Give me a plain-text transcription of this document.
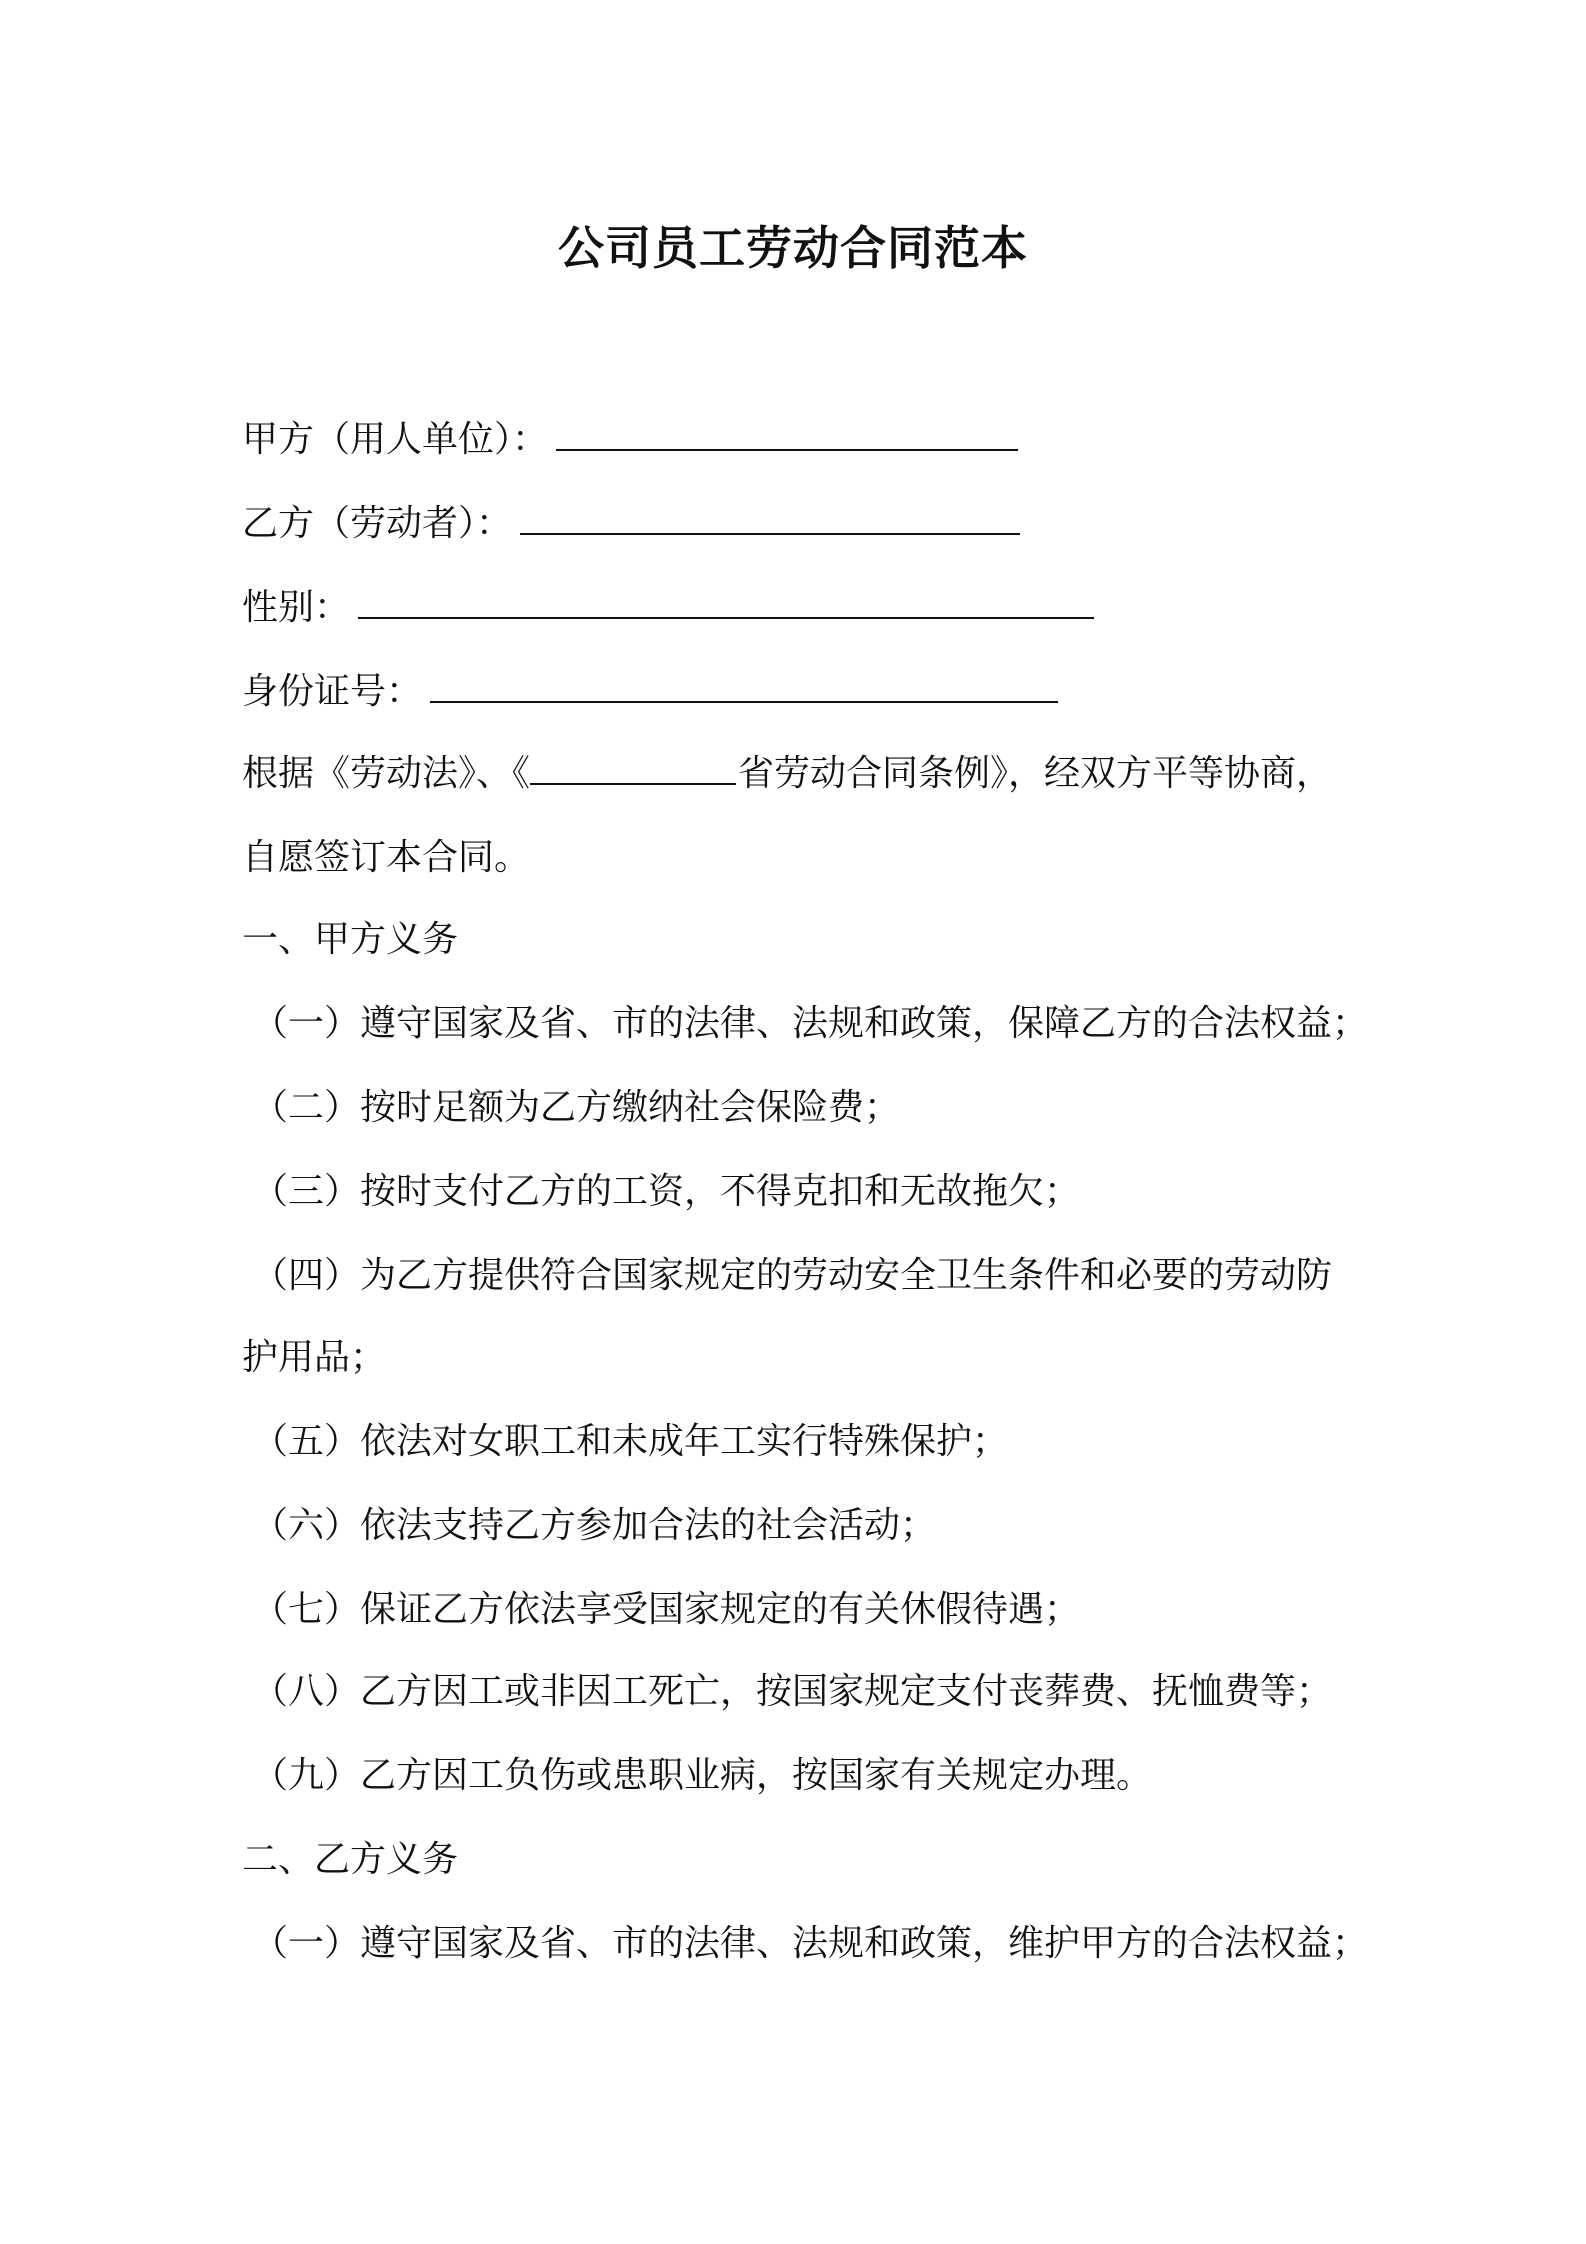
公司员工劳动合同范本
甲方（用人单位）：
乙方（劳动者）：
性别：
身份证号：
根据《劳动法》、《	省劳动合同条例》，经双方平等协商，
自愿签订本合同。
一、甲方义务
（一）遵守国家及省、市的法律、法规和政策，保障乙方的合法权益；
（二）按时足额为乙方缴纳社会保险费；
（三）按时支付乙方的工资，不得克扣和无故拖欠；
（四）为乙方提供符合国家规定的劳动安全卫生条件和必要的劳动防
护用品；
（五）依法对女职工和未成年工实行特殊保护；
（六）依法支持乙方参加合法的社会活动；
（七）保证乙方依法享受国家规定的有关休假待遇；
（八）乙方因工或非因工死亡，按国家规定支付丧葬费、抚恤费等；
（九）乙方因工负伤或患职业病，按国家有关规定办理。
二、乙方义务
（一）遵守国家及省、市的法律、法规和政策，维护甲方的合法权益；
